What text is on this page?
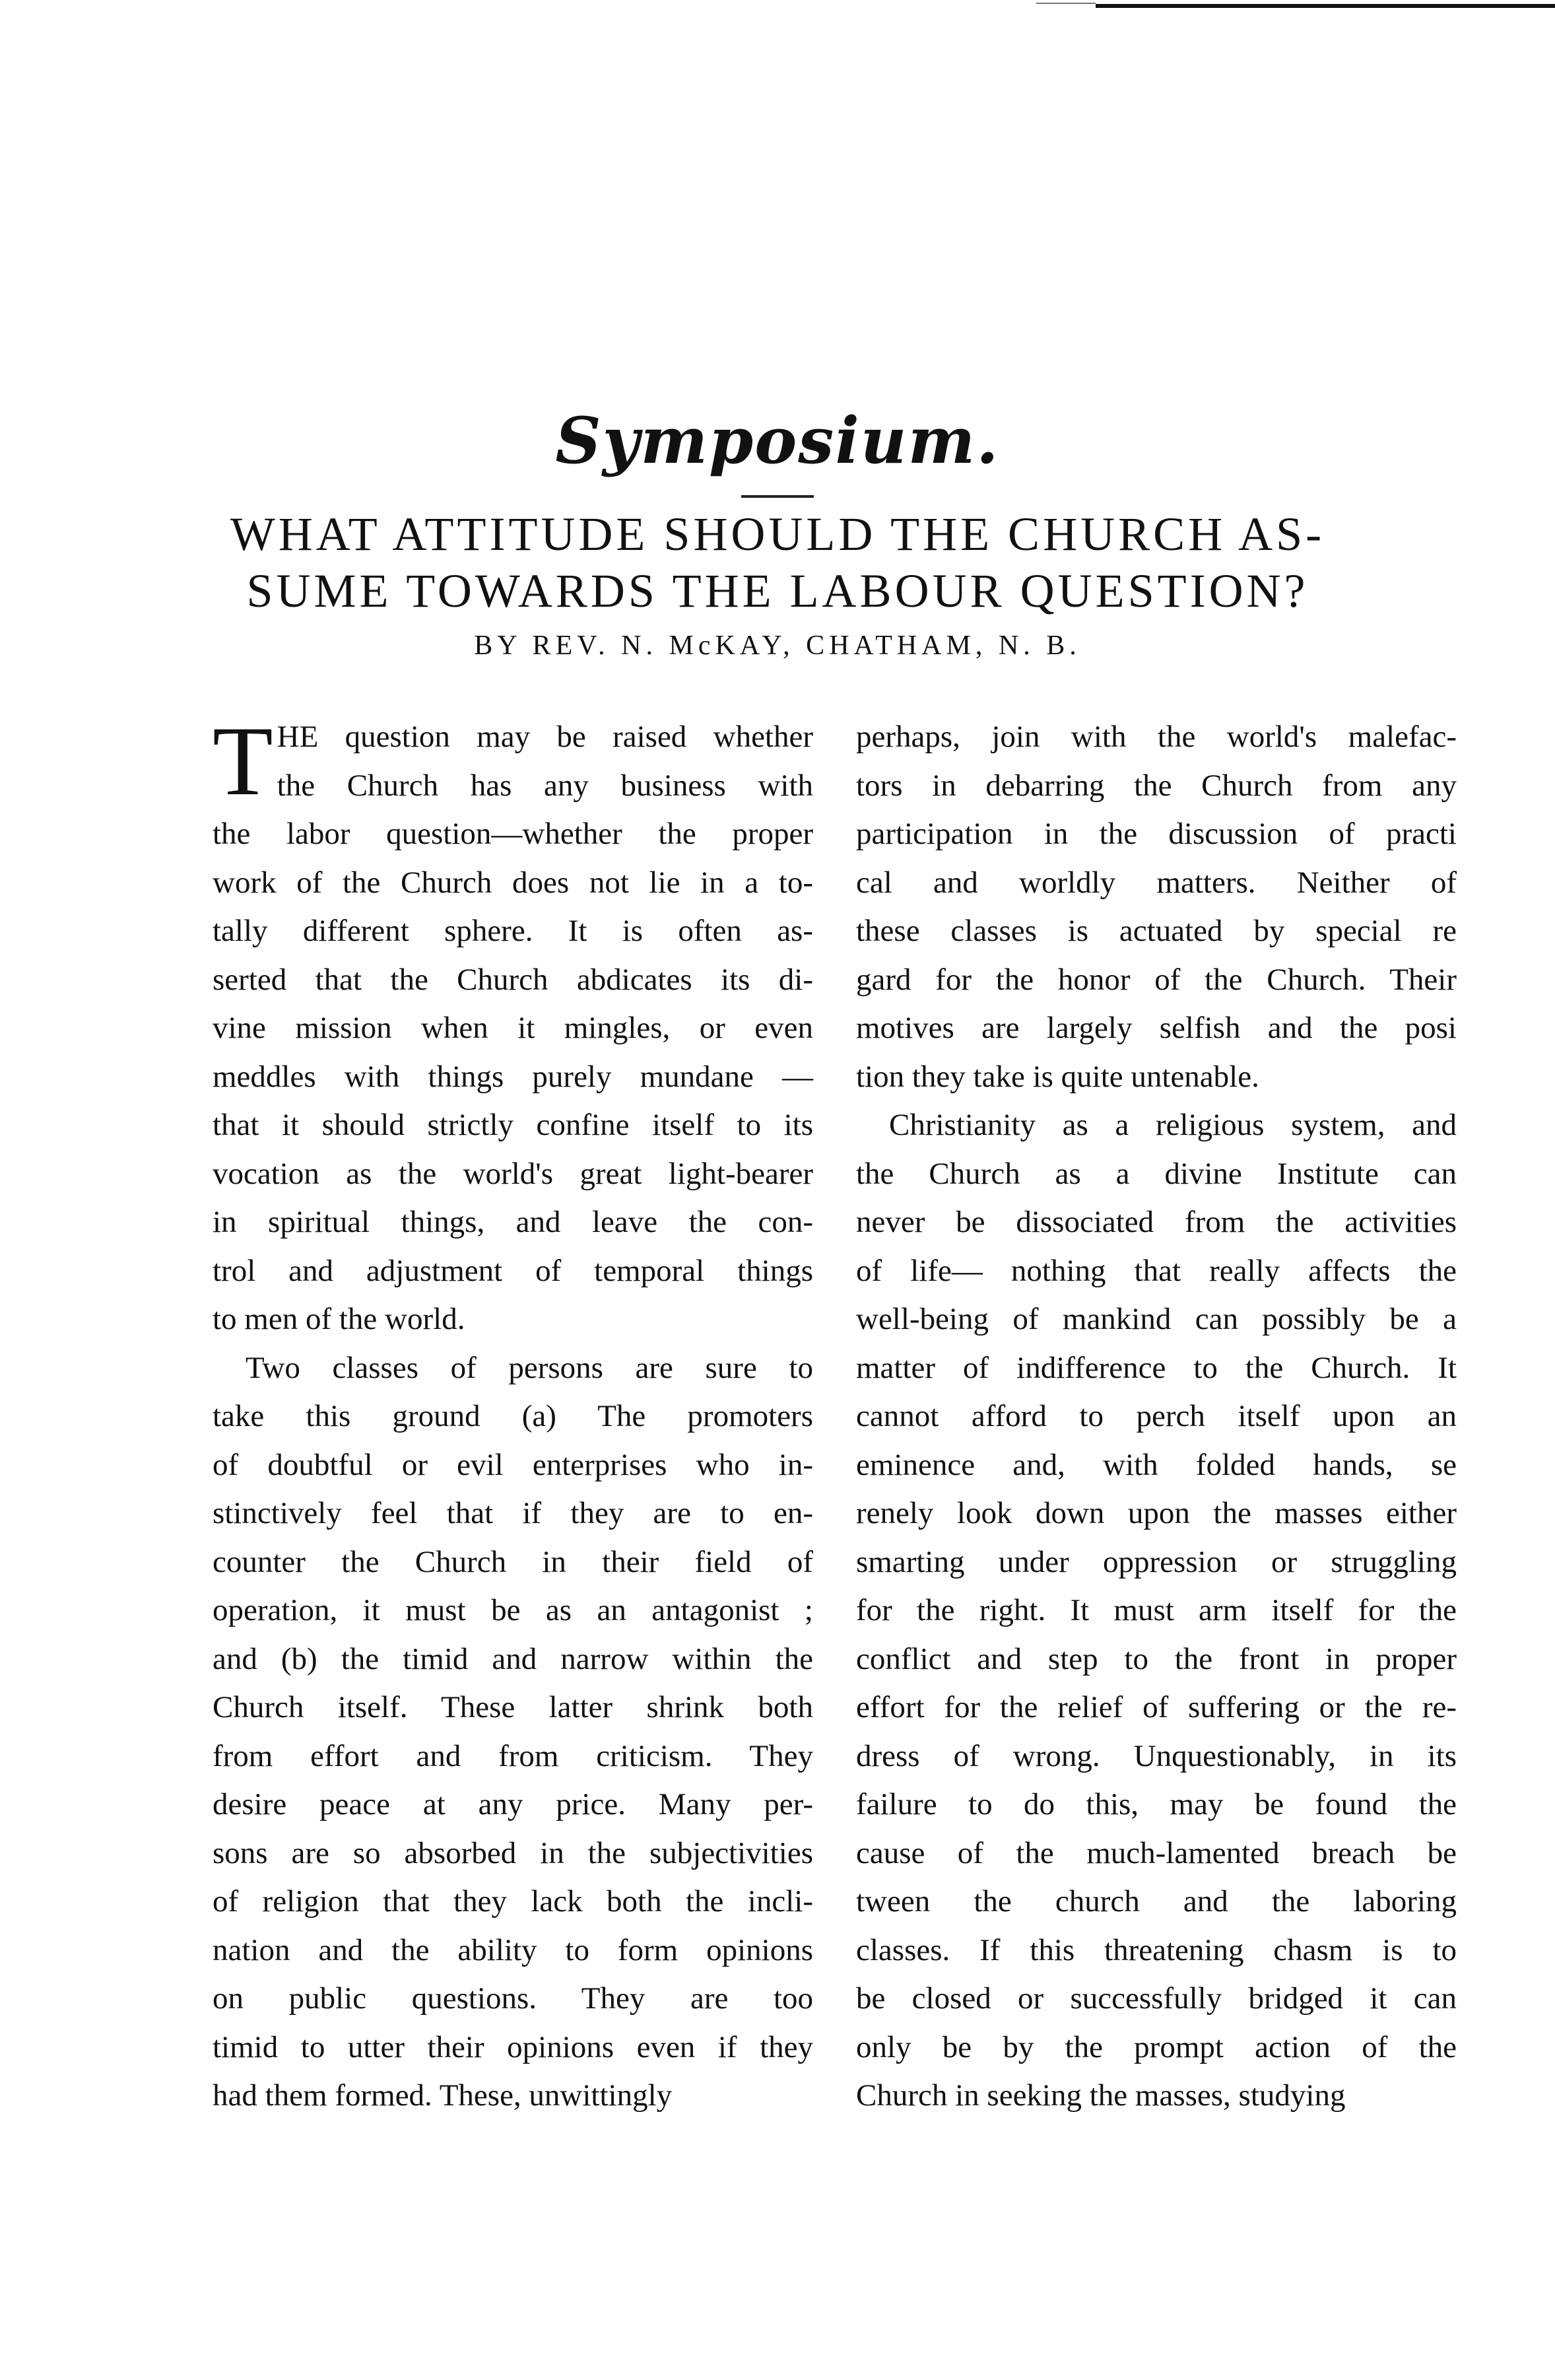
Symposium.
WHAT ATTITUDE SHOULD THE CHURCH AS-
SUME TOWARDS THE LABOUR QUESTION?
BY REV. N. McKAY, CHATHAM, N. B.
T HE question may be raised whether
the Church has any business with
the labor question—whether the proper
work of the Church does not lie in a to-
tally different sphere. It is often as-
serted that the Church abdicates its di-
vine mission when it mingles, or even
meddles with things purely mundane —
that it should strictly confine itself to its
vocation as the world's great light-bearer
in spiritual things, and leave the con-
trol and adjustment of temporal things
to men of the world.
Two classes of persons are sure to
take this ground (a) The promoters
of doubtful or evil enterprises who in-
stinctively feel that if they are to en-
counter the Church in their field of
operation, it must be as an antagonist ;
and (b) the timid and narrow within the
Church itself. These latter shrink both
from effort and from criticism. They
desire peace at any price. Many per-
sons are so absorbed in the subjectivities
of religion that they lack both the incli-
nation and the ability to form opinions
on public questions. They are too
timid to utter their opinions even if they
had them formed. These, unwittingly
perhaps, join with the world's malefac-
tors in debarring the Church from any
participation in the discussion of practi
cal and worldly matters. Neither of
these classes is actuated by special re
gard for the honor of the Church. Their
motives are largely selfish and the posi
tion they take is quite untenable.
Christianity as a religious system, and
the Church as a divine Institute can
never be dissociated from the activities
of life— nothing that really affects the
well-being of mankind can possibly be a
matter of indifference to the Church. It
cannot afford to perch itself upon an
eminence and, with folded hands, se
renely look down upon the masses either
smarting under oppression or struggling
for the right. It must arm itself for the
conflict and step to the front in proper
effort for the relief of suffering or the re-
dress of wrong. Unquestionably, in its
failure to do this, may be found the
cause of the much-lamented breach be
tween the church and the laboring
classes. If this threatening chasm is to
be closed or successfully bridged it can
only be by the prompt action of the
Church in seeking the masses, studying
